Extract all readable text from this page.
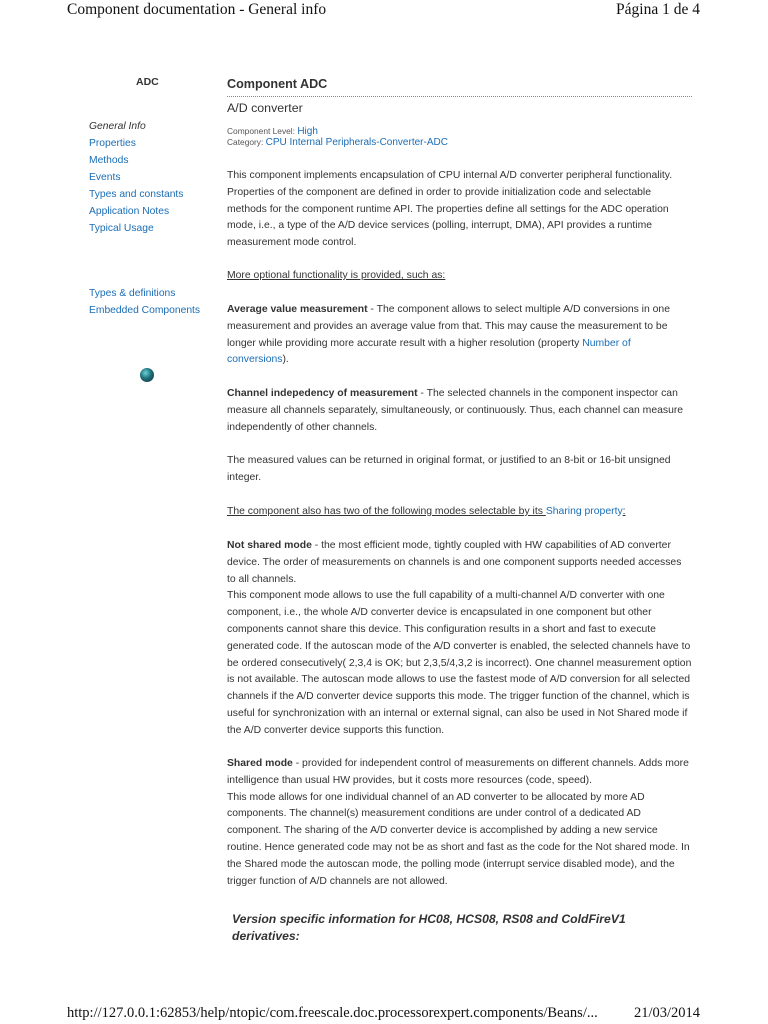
Component documentation - General info	Página 1 de 4
ADC
General Info
Properties
Methods
Events
Types and constants
Application Notes
Typical Usage
Types & definitions
Embedded Components
Component ADC
A/D converter
Component Level: High
Category: CPU Internal Peripherals-Converter-ADC

This component implements encapsulation of CPU internal A/D converter peripheral functionality. Properties of the component are defined in order to provide initialization code and selectable methods for the component runtime API. The properties define all settings for the ADC operation mode, i.e., a type of the A/D device services (polling, interrupt, DMA), API provides a runtime measurement mode control.

More optional functionality is provided, such as:

Average value measurement - The component allows to select multiple A/D conversions in one measurement and provides an average value from that. This may cause the measurement to be longer while providing more accurate result with a higher resolution (property Number of conversions).

Channel indepedency of measurement - The selected channels in the component inspector can measure all channels separately, simultaneously, or continuously. Thus, each channel can measure independently of other channels.

The measured values can be returned in original format, or justified to an 8-bit or 16-bit unsigned integer.

The component also has two of the following modes selectable by its Sharing property:

Not shared mode - the most efficient mode, tightly coupled with HW capabilities of AD converter device. The order of measurements on channels is and one component supports needed accesses to all channels.
This component mode allows to use the full capability of a multi-channel A/D converter with one component, i.e., the whole A/D converter device is encapsulated in one component but other components cannot share this device. This configuration results in a short and fast to execute generated code. If the autoscan mode of the A/D converter is enabled, the selected channels have to be ordered consecutively( 2,3,4 is OK; but 2,3,5/4,3,2 is incorrect). One channel measurement option is not available. The autoscan mode allows to use the fastest mode of A/D conversion for all selected channels if the A/D converter device supports this mode. The trigger function of the channel, which is useful for synchronization with an internal or external signal, can also be used in Not Shared mode if the A/D converter device supports this function.

Shared mode - provided for independent control of measurements on different channels. Adds more intelligence than usual HW provides, but it costs more resources (code, speed).
This mode allows for one individual channel of an AD converter to be allocated by more AD components. The channel(s) measurement conditions are under control of a dedicated AD component. The sharing of the A/D converter device is accomplished by adding a new service routine. Hence generated code may not be as short and fast as the code for the Not shared mode. In the Shared mode the autoscan mode, the polling mode (interrupt service disabled mode), and the trigger function of A/D channels are not allowed.

Version specific information for HC08, HCS08, RS08 and ColdFireV1 derivatives:
http://127.0.0.1:62853/help/ntopic/com.freescale.doc.processorexpert.components/Beans/... 21/03/2014
